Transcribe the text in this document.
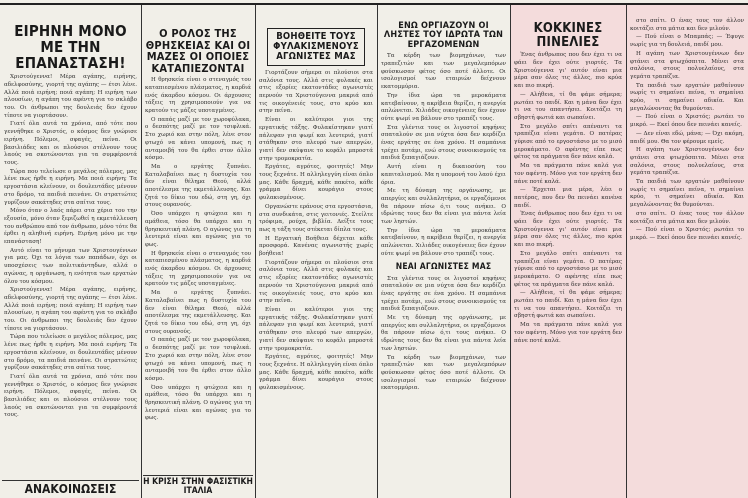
ΕΙΡΗΝΗ ΜΟΝΟ ΜΕ ΤΗΝ ΕΠΑΝΑΣΤΑΣΗ!

Χριστούγεννα! Μέρα αγάπης, ειρήνης, αδελφοσύνης, γιορτή της αγάπης — έτσι λένε. Αλλά ποιά ειρήνη; ποιά αγάπη; Η ειρήνη των πλουσίων, η αγάπη του αφέντη για το σκλάβο του. Οι άνθρωποι της δουλειάς δεν έχουν τίποτε να γιορτάσουν.

Γιατί όλα αυτά τα χρόνια, από τότε που γεννήθηκε ο Χριστός, ο κόσμος δεν γνώρισε ειρήνη. Πόλεμοι, σφαγές, πείνα. Οι βασιλιάδες και οι πλούσιοι στέλνουν τους λαούς να σκοτώνονται για τα συμφέροντά τους.

Τώρα που τελείωσε ο μεγάλος πόλεμος, μας λένε πως ήρθε η ειρήνη. Μα ποιά ειρήνη; Τα εργοστάσια κλείνουν, οι δουλευτάδες μένουν στο δρόμο, τα παιδιά πεινάνε. Οι στρατιώτες γυρίζουν σακάτηδες στα σπίτια τους.

Μόνο όταν ο λαός πάρει στα χέρια του την εξουσία, μόνο όταν ξεριζωθεί η εκμετάλλευση του ανθρώπου από τον άνθρωπο, μόνο τότε θα έρθει η αληθινή ειρήνη. Ειρήνη μόνο με την επανάσταση!

Αυτό είναι το μήνυμα των Χριστουγέννων για μας. Όχι τα λόγια των παπάδων, όχι οι υποσχέσεις των πολιτικάντηδων, αλλά ο αγώνας, η οργάνωση, η ενότητα των εργατών όλου του κόσμου.

Χριστούγεννα! Μέρα αγάπης, ειρήνης, αδελφοσύνης, γιορτή της αγάπης — έτσι λένε. Αλλά ποιά ειρήνη; ποιά αγάπη; Η ειρήνη των πλουσίων, η αγάπη του αφέντη για το σκλάβο του. Οι άνθρωποι της δουλειάς δεν έχουν τίποτε να γιορτάσουν.

Τώρα που τελείωσε ο μεγάλος πόλεμος, μας λένε πως ήρθε η ειρήνη. Μα ποιά ειρήνη; Τα εργοστάσια κλείνουν, οι δουλευτάδες μένουν στο δρόμο, τα παιδιά πεινάνε. Οι στρατιώτες γυρίζουν σακάτηδες στα σπίτια τους.

Γιατί όλα αυτά τα χρόνια, από τότε που γεννήθηκε ο Χριστός, ο κόσμος δεν γνώρισε ειρήνη. Πόλεμοι, σφαγές, πείνα. Οι βασιλιάδες και οι πλούσιοι στέλνουν τους λαούς να σκοτώνονται για τα συμφέροντά τους.

ΑΝΑΚΟΙΝΩΣΕΙΣ
Ο ΡΟΛΟΣ ΤΗΣ ΘΡΗΣΚΕΙΑΣ ΚΑΙ ΟΙ ΜΑΖΕΣ ΟΙ ΟΠΟΙΕΣ ΚΑΤΑΠΙΕΖΟΝΤΑΙ

Η θρησκεία είναι ο στεναγμός του καταπιεσμένου πλάσματος, η καρδιά ενός άκαρδου κόσμου. Οι άρχουσες τάξεις τη χρησιμοποιούν για να κρατούν τις μάζες υποταγμένες.

Ο παπάς μαζί με τον χωροφύλακα, ο δεσπότης μαζί με τον τσιφλικά. Στο χωριό και στην πόλη, λένε στον φτωχό να κάνει υπομονή, πως η ανταμοιβή του θα έρθει στον άλλο κόσμο.

Μα ο εργάτης ξυπνάει. Καταλαβαίνει πως η δυστυχία του δεν είναι θέλημα Θεού, αλλά αποτέλεσμα της εκμετάλλευσης. Και ζητά το δίκιο του εδώ, στη γη, όχι στους ουρανούς.

Όσο υπάρχει η φτώχεια και η αμάθεια, τόσο θα υπάρχει και η θρησκευτική πλάνη. Ο αγώνας για τη λευτεριά είναι και αγώνας για το φως.

Η θρησκεία είναι ο στεναγμός του καταπιεσμένου πλάσματος, η καρδιά ενός άκαρδου κόσμου. Οι άρχουσες τάξεις τη χρησιμοποιούν για να κρατούν τις μάζες υποταγμένες.

Μα ο εργάτης ξυπνάει. Καταλαβαίνει πως η δυστυχία του δεν είναι θέλημα Θεού, αλλά αποτέλεσμα της εκμετάλλευσης. Και ζητά το δίκιο του εδώ, στη γη, όχι στους ουρανούς.

Ο παπάς μαζί με τον χωροφύλακα, ο δεσπότης μαζί με τον τσιφλικά. Στο χωριό και στην πόλη, λένε στον φτωχό να κάνει υπομονή, πως η ανταμοιβή του θα έρθει στον άλλο κόσμο.

Όσο υπάρχει η φτώχεια και η αμάθεια, τόσο θα υπάρχει και η θρησκευτική πλάνη. Ο αγώνας για τη λευτεριά είναι και αγώνας για το φως.

Η ΚΡΙΣΗ ΣΤΗΝ ΦΑΣΙΣΤΙΚΗ ΙΤΑΛΙΑ
ΒΟΗΘΕΙΤΕ ΤΟΥΣ ΦΥΛΑΚΙΣΜΕΝΟΥΣ ΑΓΩΝΙΣΤΕΣ ΜΑΣ

Γιορτάζουν σήμερα οι πλούσιοι στα σαλόνια τους. Αλλά στις φυλακές και στις εξορίες εκατοντάδες αγωνιστές περνούν τα Χριστούγεννα μακριά από τις οικογένειές τους, στο κρύο και στην πείνα.

Είναι οι καλύτεροι γιοι της εργατικής τάξης. Φυλακίστηκαν γιατί πάλεψαν για ψωμί και λευτεριά, γιατί στάθηκαν στο πλευρό των απεργών, γιατί δεν σκύψανε το κεφάλι μπροστά στην τρομοκρατία.

Εργάτες, αγρότες, φοιτητές! Μην τους ξεχνάτε. Η αλληλεγγύη είναι όπλο μας. Κάθε δραχμή, κάθε πακέτο, κάθε γράμμα δίνει κουράγιο στους φυλακισμένους.

Οργανώστε εράνους στα εργοστάσια, στα συνδικάτα, στις γειτονιές. Στείλτε τρόφιμα, ρούχα, βιβλία. Δείξτε τους πως η τάξη τους στέκεται δίπλα τους.

Η Εργατική Βοήθεια δέχεται κάθε προσφορά. Κανένας αγωνιστής χωρίς βοήθεια!

Γιορτάζουν σήμερα οι πλούσιοι στα σαλόνια τους. Αλλά στις φυλακές και στις εξορίες εκατοντάδες αγωνιστές περνούν τα Χριστούγεννα μακριά από τις οικογένειές τους, στο κρύο και στην πείνα.

Είναι οι καλύτεροι γιοι της εργατικής τάξης. Φυλακίστηκαν γιατί πάλεψαν για ψωμί και λευτεριά, γιατί στάθηκαν στο πλευρό των απεργών, γιατί δεν σκύψανε το κεφάλι μπροστά στην τρομοκρατία.

Εργάτες, αγρότες, φοιτητές! Μην τους ξεχνάτε. Η αλληλεγγύη είναι όπλο μας. Κάθε δραχμή, κάθε πακέτο, κάθε γράμμα δίνει κουράγιο στους φυλακισμένους.

ΕΝΩ ΟΡΓΙΑΖΟΥΝ ΟΙ ΛΗΣΤΕΣ ΤΟΥ ΙΔΡΩΤΑ ΤΩΝ ΕΡΓΑΖΟΜΕΝΩΝ

Τα κέρδη των βιομηχάνων, των τραπεζιτών και των μεγαλεμπόρων φούσκωσαν φέτος όσο ποτέ άλλοτε. Οι ισολογισμοί των εταιριών δείχνουν εκατομμύρια.

Την ίδια ώρα τα μεροκάματα κατεβαίνουν, η ακρίβεια θερίζει, η ανεργία απλώνεται. Χιλιάδες οικογένειες δεν έχουν ούτε ψωμί να βάλουν στο τραπέζι τους.

Στα γλέντια τους οι λιγοστοί κηφήνες σπαταλούν σε μια νύχτα όσα δεν κερδίζει ένας εργάτης σε ένα χρόνο. Η σαμπάνια τρέχει ποτάμι, ενώ στους συνοικισμούς τα παιδιά ξεπαγιάζουν.

Αυτή είναι η δικαιοσύνη του καπιταλισμού. Μα η υπομονή του λαού έχει όρια.

Με τη δύναμη της οργάνωσης, με απεργίες και συλλαλητήρια, οι εργαζόμενοι θα πάρουν πίσω ό,τι τους ανήκει. Ο ιδρώτας τους δεν θα είναι για πάντα λεία των ληστών.

Την ίδια ώρα τα μεροκάματα κατεβαίνουν, η ακρίβεια θερίζει, η ανεργία απλώνεται. Χιλιάδες οικογένειες δεν έχουν ούτε ψωμί να βάλουν στο τραπέζι τους.

ΝΕΑΙ ΑΓΩΝΙΣΤΕΣ ΜΑΣ

Στα γλέντια τους οι λιγοστοί κηφήνες σπαταλούν σε μια νύχτα όσα δεν κερδίζει ένας εργάτης σε ένα χρόνο. Η σαμπάνια τρέχει ποτάμι, ενώ στους συνοικισμούς τα παιδιά ξεπαγιάζουν.

Με τη δύναμη της οργάνωσης, με απεργίες και συλλαλητήρια, οι εργαζόμενοι θα πάρουν πίσω ό,τι τους ανήκει. Ο ιδρώτας τους δεν θα είναι για πάντα λεία των ληστών.

Τα κέρδη των βιομηχάνων, των τραπεζιτών και των μεγαλεμπόρων φούσκωσαν φέτος όσο ποτέ άλλοτε. Οι ισολογισμοί των εταιριών δείχνουν εκατομμύρια.

ΚΟΚΚΙΝΕΣ ΠΙΝΕΛΙΕΣ

Ένας άνθρωπος που δεν έχει τι να φάει δεν έχει ούτε γιορτές. Τα Χριστούγεννα γι' αυτόν είναι μια μέρα σαν όλες τις άλλες, πιο κρύα και πιο πικρή.

— Αλήθεια, τί θα φάμε σήμερα; ρωτάει το παιδί. Και η μάνα δεν έχει τι να του απαντήσει. Κοιτάζει τη σβηστή φωτιά και σωπαίνει.

Στο μεγάλο σπίτι απέναντι τα τραπέζια είναι γεμάτα. Ο πατέρας γύρισε από το εργοστάσιο με το μισό μεροκάματο. Ο αφέντης είπε πως φέτος τα πράγματα δεν πάνε καλά.

Μα τα πράγματα πάνε καλά για τον αφέντη. Μόνο για τον εργάτη δεν πάνε ποτέ καλά.

— Έρχεται μια μέρα, λέει ο πατέρας, που δεν θα πεινάει κανένα παιδί.

Ένας άνθρωπος που δεν έχει τι να φάει δεν έχει ούτε γιορτές. Τα Χριστούγεννα γι' αυτόν είναι μια μέρα σαν όλες τις άλλες, πιο κρύα και πιο πικρή.

Στο μεγάλο σπίτι απέναντι τα τραπέζια είναι γεμάτα. Ο πατέρας γύρισε από το εργοστάσιο με το μισό μεροκάματο. Ο αφέντης είπε πως φέτος τα πράγματα δεν πάνε καλά.

— Αλήθεια, τί θα φάμε σήμερα; ρωτάει το παιδί. Και η μάνα δεν έχει τι να του απαντήσει. Κοιτάζει τη σβηστή φωτιά και σωπαίνει.

Μα τα πράγματα πάνε καλά για τον αφέντη. Μόνο για τον εργάτη δεν πάνε ποτέ καλά.

στο σπίτι. Ο ένας τους τον άλλον κοιτάζει στα μάτια και δεν μιλούν.

— Πού είναι ο Μπαμπάς; — Έφυγε νωρίς για τη δουλειά, παιδί μου.

Η αγάπη των Χριστουγέννων δεν φτάνει στα φτωχόσπιτα. Μένει στα σαλόνια, στους πολυελαίους, στα γεμάτα τραπέζια.

Τα παιδιά των εργατών μαθαίνουν νωρίς τι σημαίνει πείνα, τι σημαίνει κρύο, τι σημαίνει αδικία. Και μεγαλώνοντας θα θυμούνται.

— Πού είναι ο Χριστός; ρωτάει το μικρό. — Εκεί όπου δεν πεινάει κανείς.

— Δεν είναι εδώ, μάνα; — Όχι ακόμη, παιδί μου. Θα τον φέρουμε εμείς.

Η αγάπη των Χριστουγέννων δεν φτάνει στα φτωχόσπιτα. Μένει στα σαλόνια, στους πολυελαίους, στα γεμάτα τραπέζια.

Τα παιδιά των εργατών μαθαίνουν νωρίς τι σημαίνει πείνα, τι σημαίνει κρύο, τι σημαίνει αδικία. Και μεγαλώνοντας θα θυμούνται.

στο σπίτι. Ο ένας τους τον άλλον κοιτάζει στα μάτια και δεν μιλούν.

— Πού είναι ο Χριστός; ρωτάει το μικρό. — Εκεί όπου δεν πεινάει κανείς.
